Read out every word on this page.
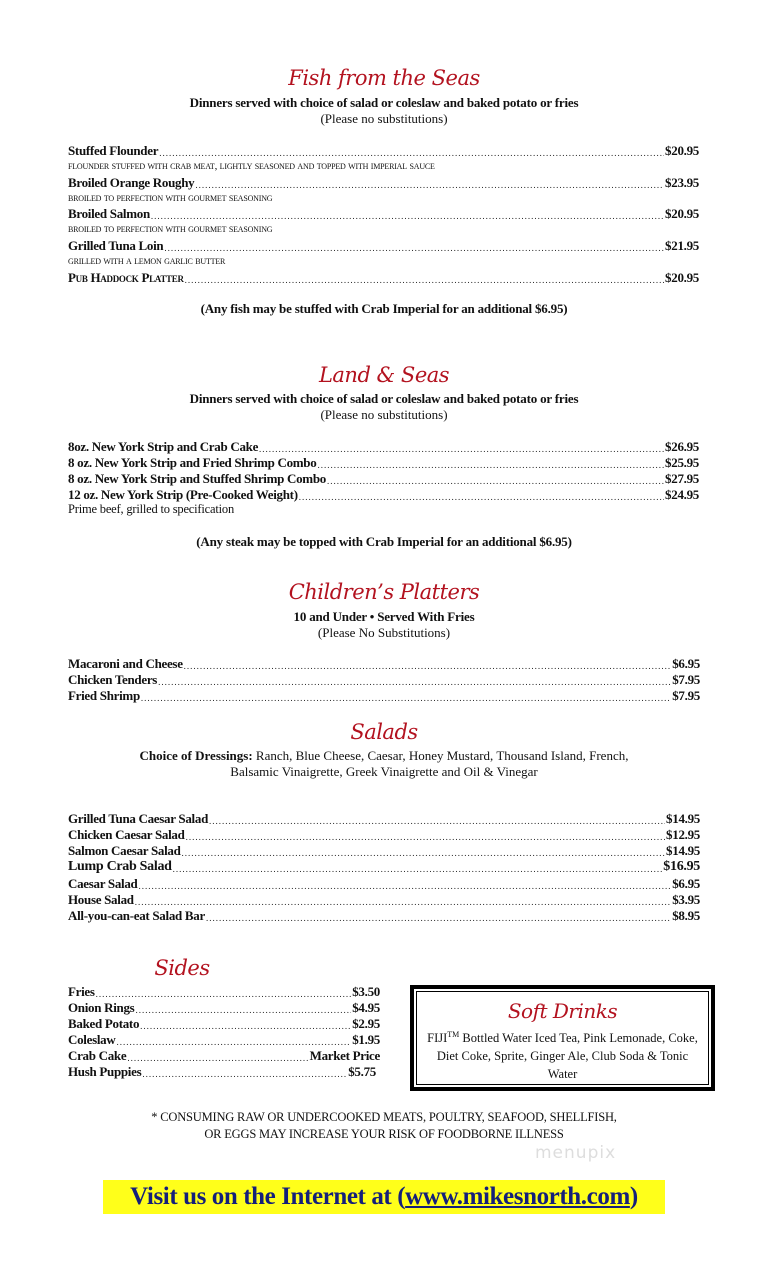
Fish from the Seas
Dinners served with choice of salad or coleslaw and baked potato or fries
(Please no substitutions)
Stuffed Flounder .....	$20.95
flounder stuffed with crab meat, lightly seasoned and topped with imperial sauce
Broiled Orange Roughy .....	$23.95
broiled to perfection with gourmet seasoning
Broiled Salmon .....	$20.95
broiled to perfection with gourmet seasoning
Grilled Tuna Loin .....	$21.95
grilled with a lemon garlic butter
Pub Haddock Platter .....	$20.95
(Any fish may be stuffed with Crab Imperial for an additional $6.95)
Land & Seas
Dinners served with choice of salad or coleslaw and baked potato or fries
(Please no substitutions)
8oz. New York Strip and Crab Cake .....	$26.95
8 oz. New York Strip and Fried Shrimp Combo .....	$25.95
8 oz. New York Strip and Stuffed Shrimp Combo .....	$27.95
12 oz. New York Strip (Pre-Cooked Weight) .....	$24.95
Prime beef, grilled to specification
(Any steak may be topped with Crab Imperial for an additional $6.95)
Children’s Platters
10 and Under • Served With Fries
(Please No Substitutions)
Macaroni and Cheese .....	$6.95
Chicken Tenders .....	$7.95
Fried Shrimp .....	$7.95
Salads
Choice of Dressings: Ranch, Blue Cheese, Caesar, Honey Mustard, Thousand Island, French,
Balsamic Vinaigrette, Greek Vinaigrette and Oil & Vinegar
Grilled Tuna Caesar Salad .....	$14.95
Chicken Caesar Salad .....	$12.95
Salmon Caesar Salad .....	$14.95
Lump Crab Salad .....	$16.95
Caesar Salad .....	$6.95
House Salad .....	$3.95
All-you-can-eat Salad Bar .....	$8.95
Sides
Fries .....	$3.50
Onion Rings .....	$4.95
Baked Potato .....	$2.95
Coleslaw .....	$1.95
Crab Cake .....	Market Price
Hush Puppies .....	$5.75
Soft Drinks
FIJI™ Bottled Water Iced Tea, Pink Lemonade, Coke, Diet Coke, Sprite, Ginger Ale, Club Soda & Tonic Water
* CONSUMING RAW OR UNDERCOOKED MEATS, POULTRY, SEAFOOD, SHELLFISH,
OR EGGS MAY INCREASE YOUR RISK OF FOODBORNE ILLNESS
menupix
Visit us on the Internet at (www.mikesnorth.com)
